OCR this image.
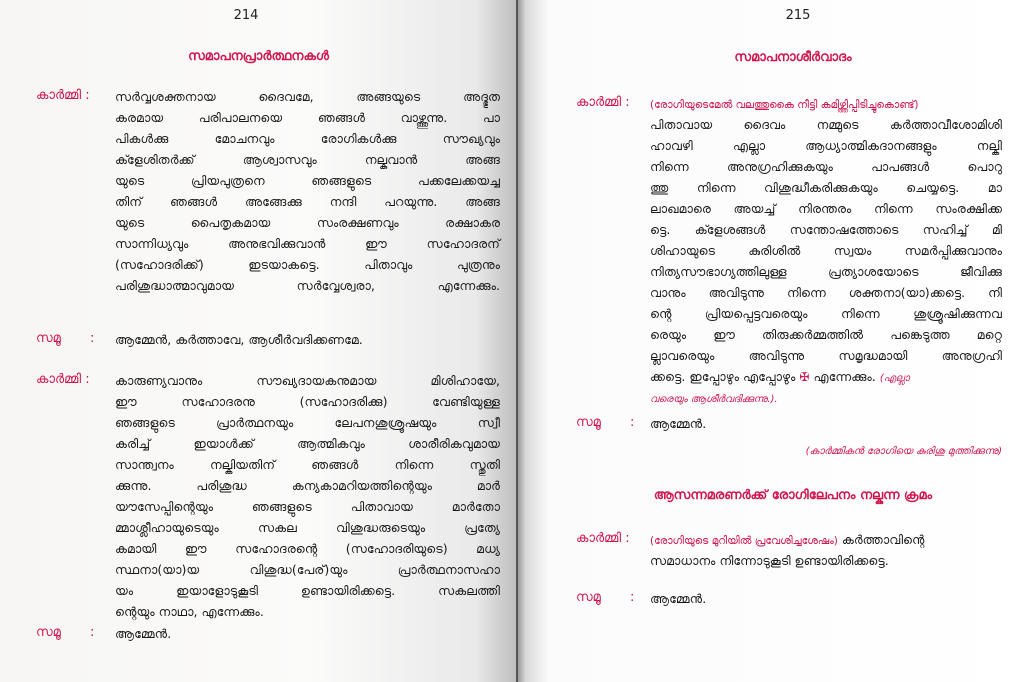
214
സമാപനപ്രാർത്ഥനകൾ
കാർമ്മി : സർവ്വശക്തനായ ദൈവമേ, അങ്ങയുടെ അദ്ഭുത
കരമായ പരിപാലനയെ ഞങ്ങൾ വാഴ്ത്തുന്നു. പാ
പികൾക്കു മോചനവും രോഗികൾക്കു സൗഖ്യവും
ക്ളേശിതർക്ക് ആശ്വാസവും നല്കുവാൻ അങ്ങ
യുടെ പ്രിയപുത്രനെ ഞങ്ങളുടെ പക്കലേക്കയച്ച
തിന് ഞങ്ങൾ അങ്ങേക്കു നന്ദി പറയുന്നു. അങ്ങ
യുടെ പൈതൃകമായ സംരക്ഷണവും രക്ഷാകര
സാന്നിധ്യവും അനുഭവിക്കുവാൻ ഈ സഹോദരന്
(സഹോദരിക്ക്) ഇടയാകട്ടെ. പിതാവും പുത്രനും
പരിശുദ്ധാത്മാവുമായ സർവ്വേശ്വരാ, എന്നേക്കും.
സമൂ : ആമ്മേൻ, കർത്താവേ, ആശീർവദിക്കണമേ.
കാർമ്മി : കാരുണ്യവാനും സൗഖ്യദായകനുമായ മിശിഹായേ,
ഈ സഹോദരനു (സഹോദരിക്കു) വേണ്ടിയുള്ള
ഞങ്ങളുടെ പ്രാർത്ഥനയും ലേപനശുശ്രൂഷയും സ്വീ
കരിച്ച് ഇയാൾക്ക് ആത്മികവും ശാരീരികവുമായ
സാന്ത്വനം നല്കിയതിന് ഞങ്ങൾ നിന്നെ സ്തുതി
ക്കുന്നു. പരിശുദ്ധ കന്യകാമറിയത്തിന്റെയും മാർ
യൗസേപ്പിന്റെയും ഞങ്ങളുടെ പിതാവായ മാർതോ
മ്മാശ്ലീഹായുടെയും സകല വിശുദ്ധരുടെയും പ്രത്യേ
കമായി ഈ സഹോദരന്റെ (സഹോദരിയുടെ) മധ്യ
സ്ഥനാ(യാ)യ വിശുദ്ധ(പേര്)യും പ്രാർത്ഥനാസഹാ
യം ഇയാളോടുകൂടി ഉണ്ടായിരിക്കട്ടെ. സകലത്തി
ന്റെയും നാഥാ, എന്നേക്കും.
സമൂ : ആമ്മേൻ.
215
സമാപനാശീർവാദം
കാർമ്മി : (രോഗിയുടെമേൽ വലത്തുകൈ നീട്ടി കമിഴ്ത്തിപ്പിടിച്ചുകൊണ്ട്)
പിതാവായ ദൈവം നമ്മുടെ കർത്താവീശോമിശി
ഹാവഴി എല്ലാ ആധ്യാത്മികദാനങ്ങളും നല്കി
നിന്നെ അനുഗ്രഹിക്കുകയും പാപങ്ങൾ പൊറു
ത്തു നിന്നെ വിശുദ്ധീകരിക്കുകയും ചെയ്യട്ടെ. മാ
ലാഖമാരെ അയച്ച് നിരന്തരം നിന്നെ സംരക്ഷിക്ക
ട്ടെ. ക്ളേശങ്ങൾ സന്തോഷത്തോടെ സഹിച്ച് മി
ശിഹായുടെ കുരിശിൽ സ്വയം സമർപ്പിക്കുവാനും
നിത്യസൗഭാഗ്യത്തിലുള്ള പ്രത്യാശയോടെ ജീവിക്കു
വാനും അവിടുന്നു നിന്നെ ശക്തനാ(യാ)ക്കട്ടെ. നി
ന്റെ പ്രിയപ്പെട്ടവരെയും നിന്നെ ശുശ്രൂഷിക്കുന്നവ
രെയും ഈ തിരുക്കർമ്മത്തിൽ പങ്കെടുത്ത മറ്റെ
ല്ലാവരെയും അവിടുന്നു സമൃദ്ധമായി അനുഗ്രഹി
ക്കട്ടെ. ഇപ്പോഴും എപ്പോഴും ✠ എന്നേക്കും. (എല്ലാ
വരെയും ആശീർവദിക്കുന്നു.).
സമൂ : ആമ്മേൻ.
(കാർമ്മികൻ രോഗിയെ കുരിശു മുത്തിക്കുന്നു)
ആസന്നമരണർക്ക് രോഗിലേപനം നല്കുന്ന ക്രമം
കാർമ്മി : (രോഗിയുടെ മുറിയിൽ പ്രവേശിച്ചശേഷം) കർത്താവിന്റെ
സമാധാനം നിന്നോടുകൂടി ഉണ്ടായിരിക്കട്ടെ.
സമൂ : ആമ്മേൻ.
